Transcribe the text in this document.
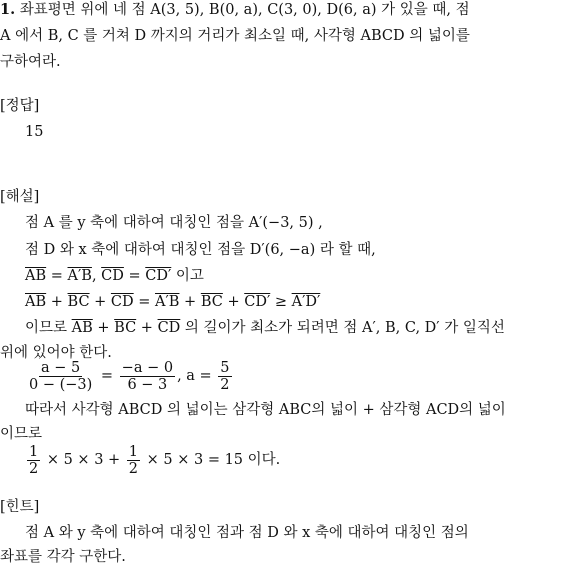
1. 좌표평면 위에 네 점 A(3, 5), B(0, a), C(3, 0), D(6, a) 가 있을 때, 점
A 에서 B, C 를 거쳐 D 까지의 거리가 최소일 때, 사각형 ABCD 의 넓이를
구하여라.
[정답]
15
[해설]
점 A 를 y 축에 대하여 대칭인 점을 A′(−3, 5) ,
점 D 와 x 축에 대하여 대칭인 점을 D′(6, −a) 라 할 때,
$\overline{AB} = A'B$, $\overline{CD} = CD'$ 이고
$\overline{AB} + \overline{BC} + \overline{CD} = A'B + \overline{BC} + CD' \ge A'D'$
이므로 $\overline{AB} + \overline{BC} + \overline{CD}$ 의 길이가 최소가 되려면 점 A′, B, C, D′ 가 일직선
위에 있어야 한다.
$\frac{a - 5}{0 - (-3)} = \frac{-a - 0}{6 - 3}$ , $a = \frac{5}{2}$
따라서 사각형 ABCD 의 넓이는 삼각형 ABC의 넓이 + 삼각형 ACD의 넓이
이므로
$\frac{1}{2} \times 5 \times 3 + \frac{1}{2} \times 5 \times 3 = 15$ 이다.
[힌트]
점 A 와 y 축에 대하여 대칭인 점과 점 D 와 x 축에 대하여 대칭인 점의
좌표를 각각 구한다.
